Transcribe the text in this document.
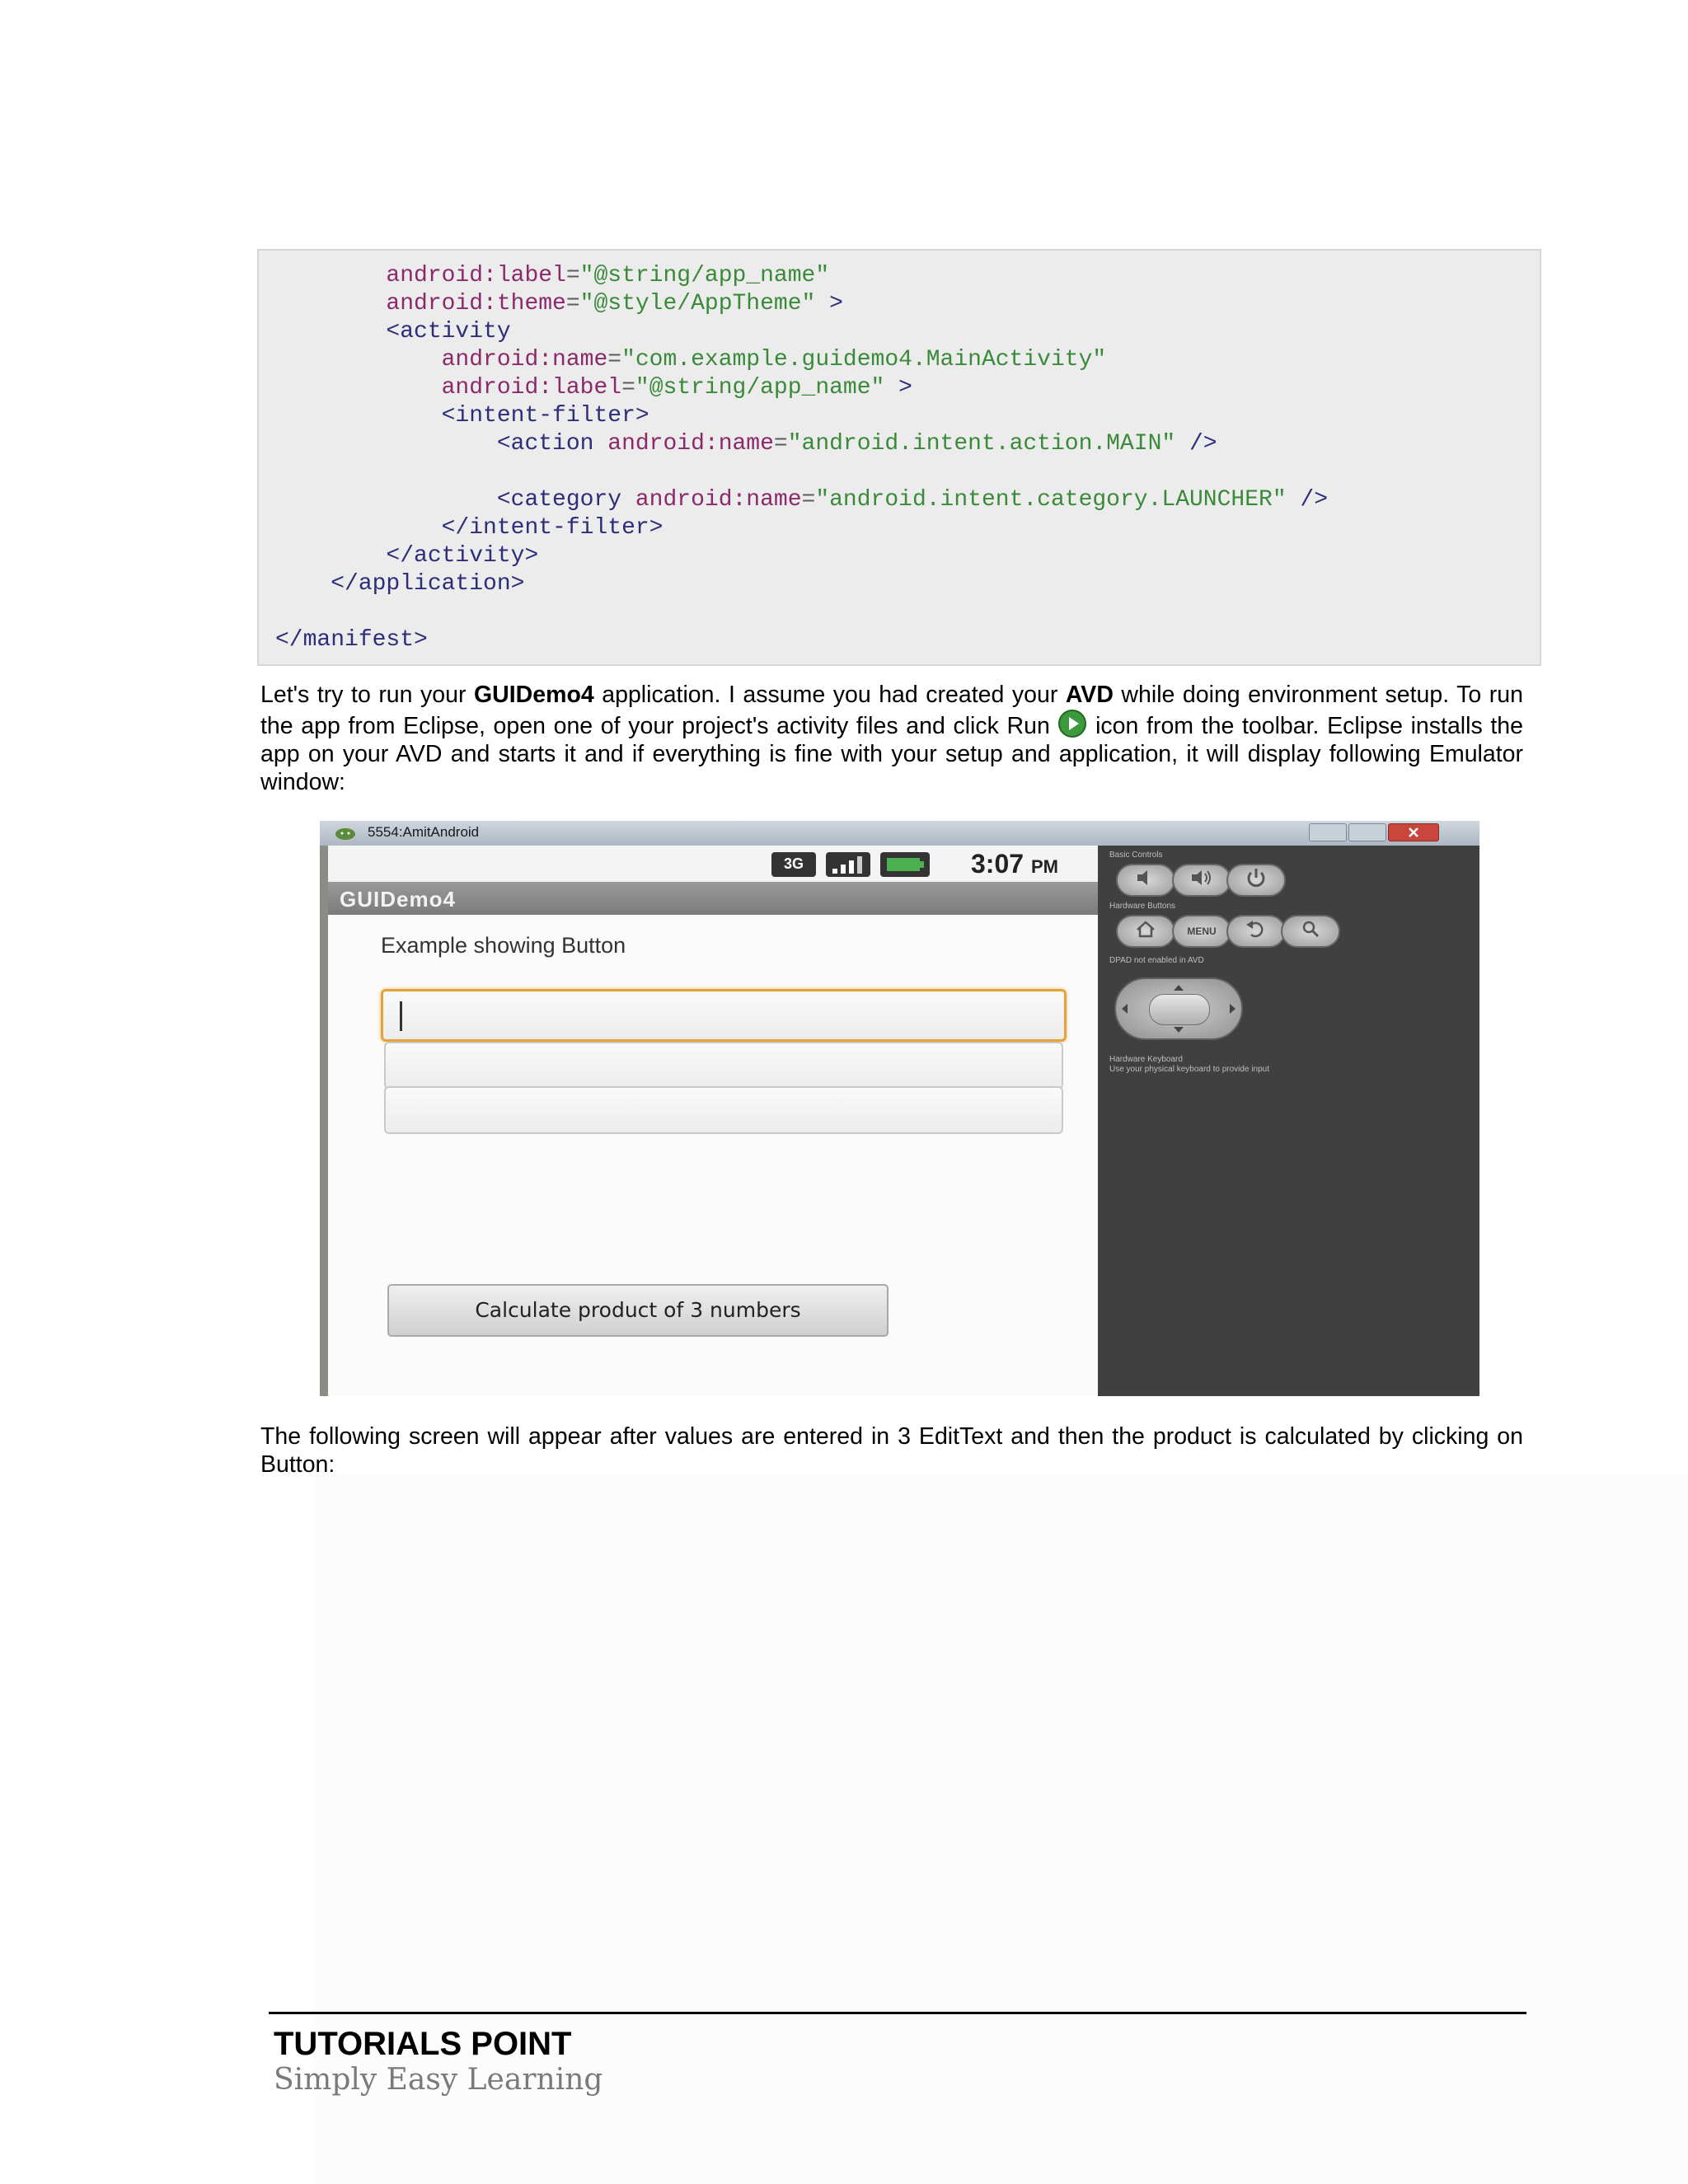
android:label="@string/app_name"
android:theme="@style/AppTheme" >
<activity
android:name="com.example.guidemo4.MainActivity"
android:label="@string/app_name" >
<intent-filter>
<action android:name="android.intent.action.MAIN" />
<category android:name="android.intent.category.LAUNCHER" />
</intent-filter>
</activity>
</application>
</manifest>
Let's try to run your GUIDemo4 application. I assume you had created your AVD while doing environment setup. To run the app from Eclipse, open one of your project's activity files and click Run  icon from the toolbar. Eclipse installs the app on your AVD and starts it and if everything is fine with your setup and application, it will display following Emulator window:
5554:AmitAndroid
3G	3:07 PM
GUIDemo4
Example showing Button
Calculate product of 3 numbers
Basic Controls
Hardware Buttons
MENU
DPAD not enabled in AVD
Hardware Keyboard
Use your physical keyboard to provide input
The following screen will appear after values are entered in 3 EditText and then the product is calculated by clicking on Button:
TUTORIALS POINT
Simply Easy Learning
